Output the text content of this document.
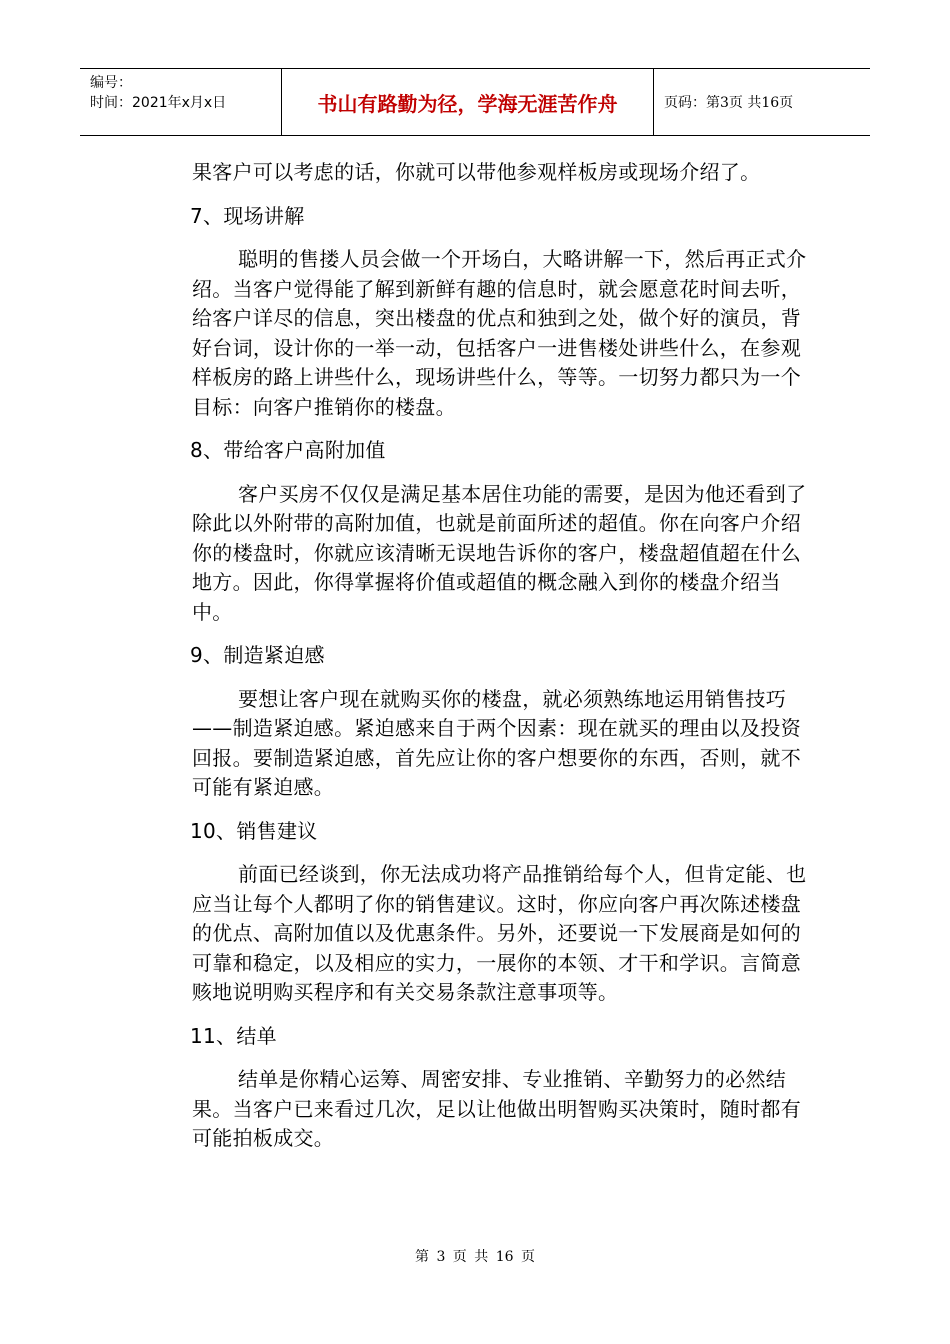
编号：
时间：2021年x月x日	书山有路勤为径，学海无涯苦作舟	页码：第3页 共16页

果客户可以考虑的话，你就可以带他参观样板房或现场介绍了。

7、现场讲解

聪明的售搂人员会做一个开场白，大略讲解一下，然后再正式介绍。当客户觉得能了解到新鲜有趣的信息时，就会愿意花时间去听，给客户详尽的信息，突出楼盘的优点和独到之处，做个好的演员，背好台词，设计你的一举一动，包括客户一进售楼处讲些什么，在参观样板房的路上讲些什么，现场讲些什么，等等。一切努力都只为一个目标：向客户推销你的楼盘。

8、带给客户高附加值

客户买房不仅仅是满足基本居住功能的需要，是因为他还看到了除此以外附带的高附加值，也就是前面所述的超值。你在向客户介绍你的楼盘时，你就应该清晰无误地告诉你的客户，楼盘超值超在什么地方。因此，你得掌握将价值或超值的概念融入到你的楼盘介绍当中。

9、制造紧迫感

要想让客户现在就购买你的楼盘，就必须熟练地运用销售技巧——制造紧迫感。紧迫感来自于两个因素：现在就买的理由以及投资回报。要制造紧迫感，首先应让你的客户想要你的东西，否则，就不可能有紧迫感。

10、销售建议

前面已经谈到，你无法成功将产品推销给每个人，但肯定能、也应当让每个人都明了你的销售建议。这时，你应向客户再次陈述楼盘的优点、高附加值以及优惠条件。另外，还要说一下发展商是如何的可靠和稳定，以及相应的实力，一展你的本领、才干和学识。言简意赅地说明购买程序和有关交易条款注意事项等。

11、结单

结单是你精心运筹、周密安排、专业推销、辛勤努力的必然结果。当客户已来看过几次，足以让他做出明智购买决策时，随时都有可能拍板成交。

第 3 页 共 16 页
